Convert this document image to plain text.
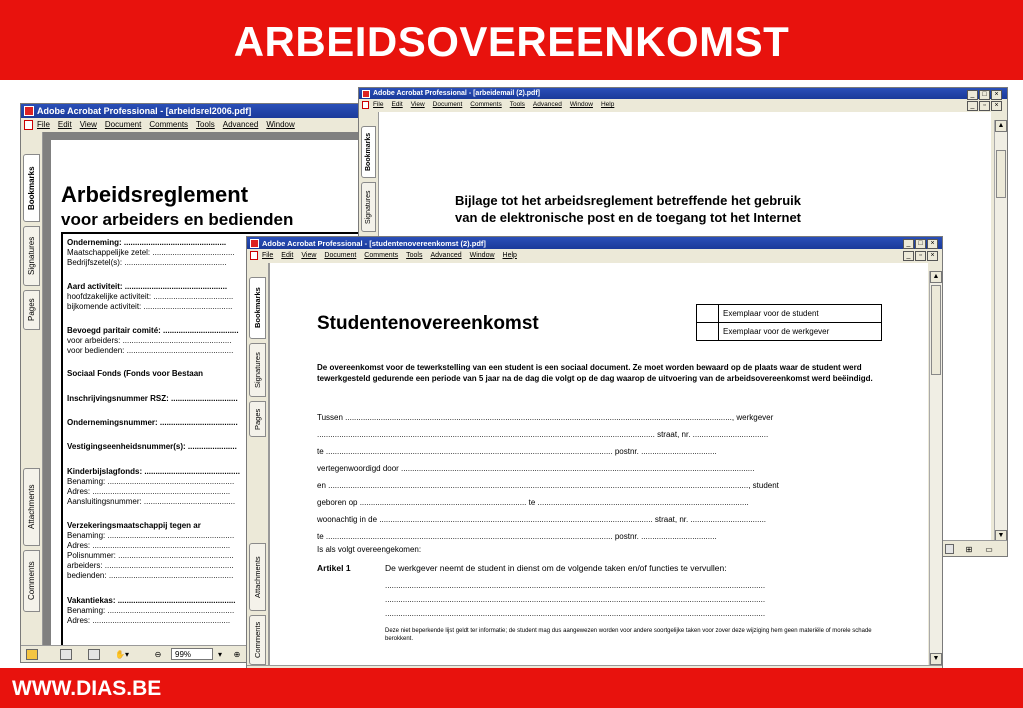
ARBEIDSOVEREENKOMST
Adobe Acrobat Professional - [arbeidsrel2006.pdf]
File Edit View Document Comments Tools Advanced Window
Bookmarks
Signatures
Pages
Attachments
Comments
Arbeidsreglement
voor arbeiders en bedienden
Onderneming: ..............................................
Maatschappelijke zetel: .....................................
Bedrijfszetel(s): ..............................................
Aard activiteit: ..............................................
hoofdzakelijke activiteit: ....................................
bijkomende activiteit: ........................................
Bevoegd paritair comité: ..................................
voor arbeiders: .................................................
voor bedienden: ................................................
Sociaal Fonds (Fonds voor Bestaan
Inschrijvingsnummer RSZ: ..............................
Ondernemingsnummer: ...................................
Vestigingseenheidsnummer(s): ......................
Kinderbijslagfonds: ...........................................
Benaming: .........................................................
Adres: ..............................................................
Aansluitingsnummer: .........................................
Verzekeringsmaatschappij tegen ar
Benaming: .........................................................
Adres: ..............................................................
Polisnummer: ....................................................
arbeiders: ..........................................................
bedienden: ........................................................
Vakantiekas: .....................................................
Benaming: .........................................................
Adres: ..............................................................
✋▾	⊖	99%	▾	⊕
Adobe Acrobat Professional - [arbeidemail (2).pdf]	_	□	×
File Edit View Document Comments Tools Advanced Window Help	_	▫	×
Bookmarks
Signatures	Bijlage tot het arbeidsreglement betreffende het gebruik
van de elektronische post en de toegang tot het Internet
▲
▼
⊞	▭
Adobe Acrobat Professional - [studentenovereenkomst (2).pdf]	_	□	×
File Edit View Document Comments Tools Advanced Window Help	_	▫	×
Bookmarks
Signatures
Pages
Attachments
Comments
Studentenovereenkomst
		Exemplaar voor de student
	Exemplaar voor de werkgever
De overeenkomst voor de tewerkstelling van een student is een sociaal document. Ze moet worden bewaard op de plaats waar de student werd tewerkgesteld gedurende een periode van 5 jaar na de dag die volgt op de dag waarop de uitvoering van de arbeidsovereenkomst werd beëindigd.
Tussen .............................................................................................................................................................................., werkgever
........................................................................................................................................................ straat, nr. ..................................
te ................................................................................................................................. postnr. ..................................
vertegenwoordigd door ...............................................................................................................................................................
en ............................................................................................................................................................................................., student
geboren op ........................................................................... te ...............................................................................................
woonachtig in de ........................................................................................................................... straat, nr. ..................................
te ................................................................................................................................. postnr. ..................................
Is als volgt overeengekomen:
Artikel 1	De werkgever neemt de student in dienst om de volgende taken en/of functies te vervullen:
...........................................................................................................................................................................
...........................................................................................................................................................................
...........................................................................................................................................................................
Deze niet beperkende lijst geldt ter informatie; de student mag dus aangewezen worden voor andere soortgelijke taken voor zover deze wijziging hem geen materiële of morele schade berokkent.
▲
▼
WWW.DIAS.BE
